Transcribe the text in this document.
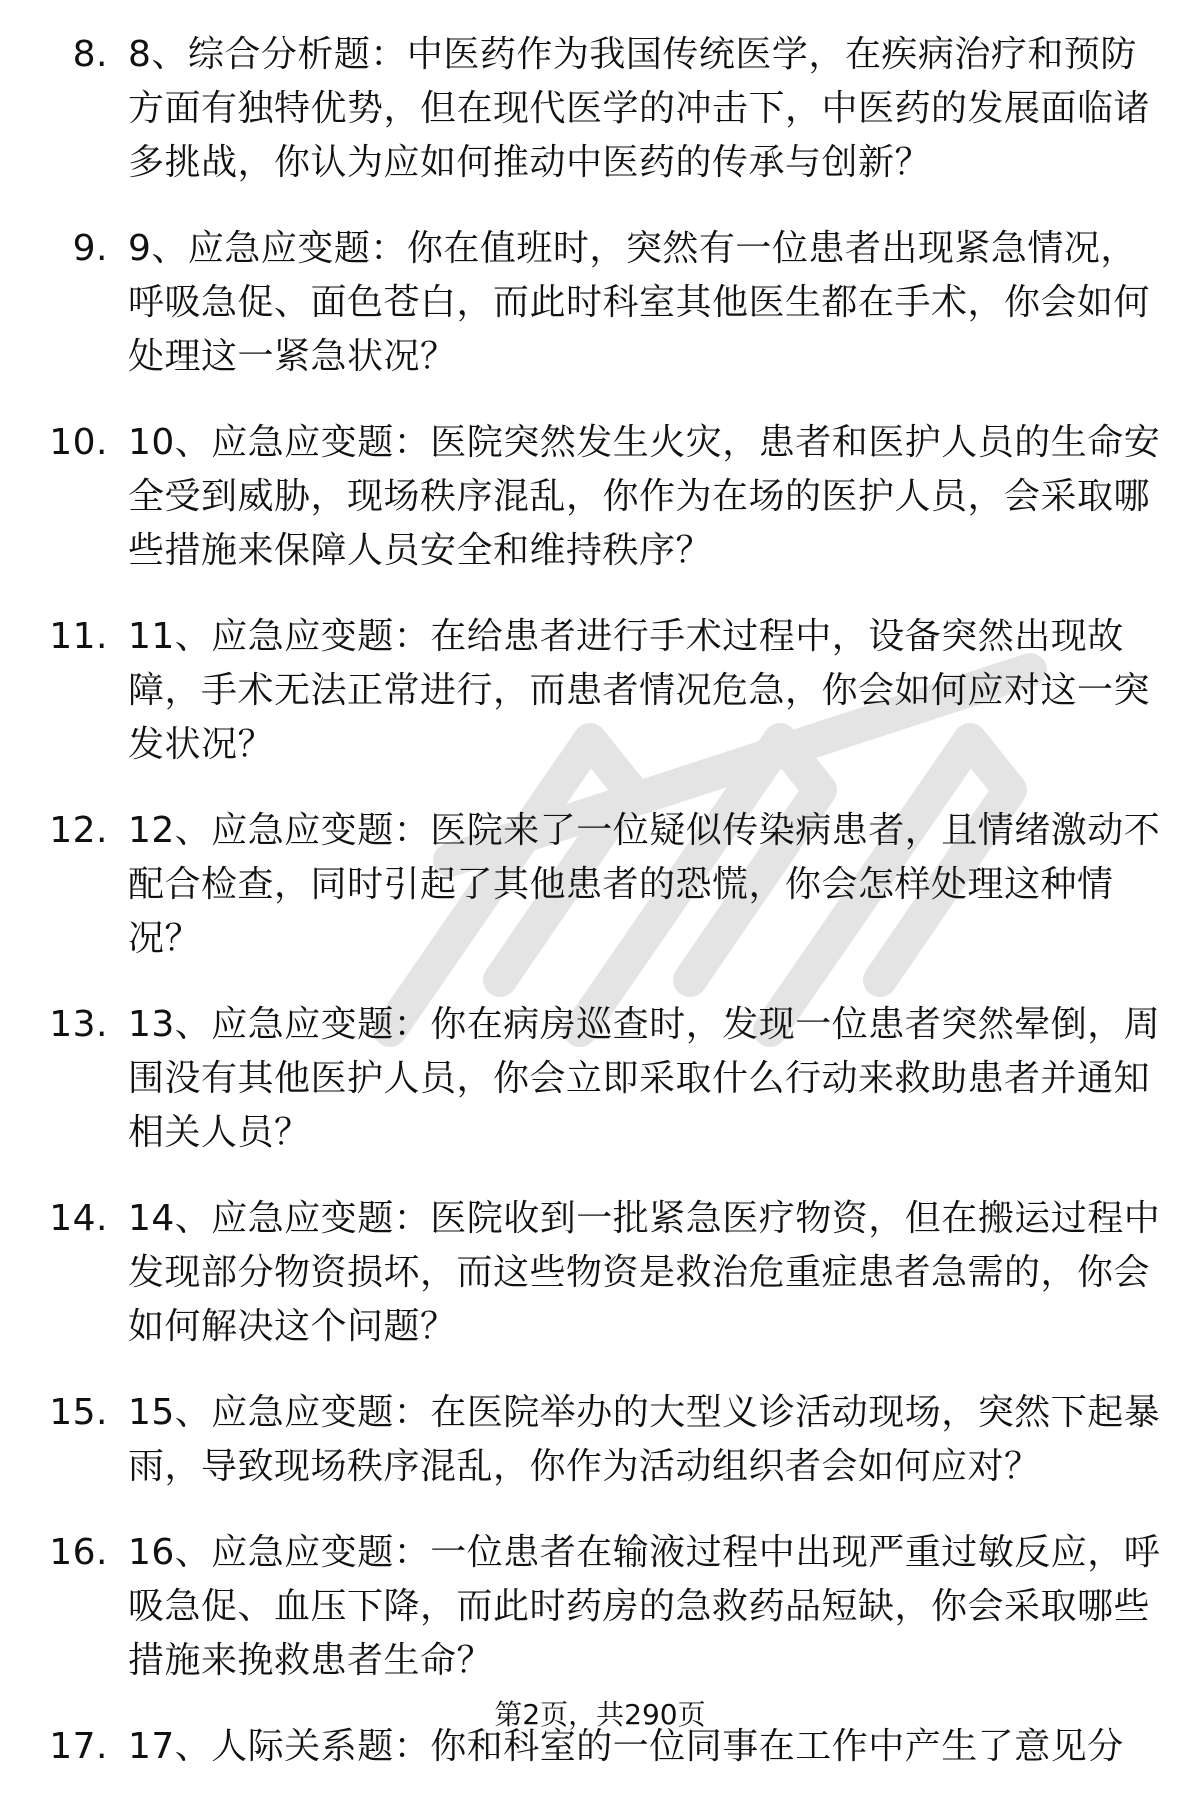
8. 8、综合分析题：中医药作为我国传统医学，在疾病治疗和预防方面有独特优势，但在现代医学的冲击下，中医药的发展面临诸多挑战，你认为应如何推动中医药的传承与创新？
9. 9、应急应变题：你在值班时，突然有一位患者出现紧急情况，呼吸急促、面色苍白，而此时科室其他医生都在手术，你会如何处理这一紧急状况？
10. 10、应急应变题：医院突然发生火灾，患者和医护人员的生命安全受到威胁，现场秩序混乱，你作为在场的医护人员，会采取哪些措施来保障人员安全和维持秩序？
11. 11、应急应变题：在给患者进行手术过程中，设备突然出现故障，手术无法正常进行，而患者情况危急，你会如何应对这一突发状况？
12. 12、应急应变题：医院来了一位疑似传染病患者，且情绪激动不配合检查，同时引起了其他患者的恐慌，你会怎样处理这种情况？
13. 13、应急应变题：你在病房巡查时，发现一位患者突然晕倒，周围没有其他医护人员，你会立即采取什么行动来救助患者并通知相关人员？
14. 14、应急应变题：医院收到一批紧急医疗物资，但在搬运过程中发现部分物资损坏，而这些物资是救治危重症患者急需的，你会如何解决这个问题？
15. 15、应急应变题：在医院举办的大型义诊活动现场，突然下起暴雨，导致现场秩序混乱，你作为活动组织者会如何应对？
16. 16、应急应变题：一位患者在输液过程中出现严重过敏反应，呼吸急促、血压下降，而此时药房的急救药品短缺，你会采取哪些措施来挽救患者生命？
17. 17、人际关系题：你和科室的一位同事在工作中产生了意见分
第2页，共290页
